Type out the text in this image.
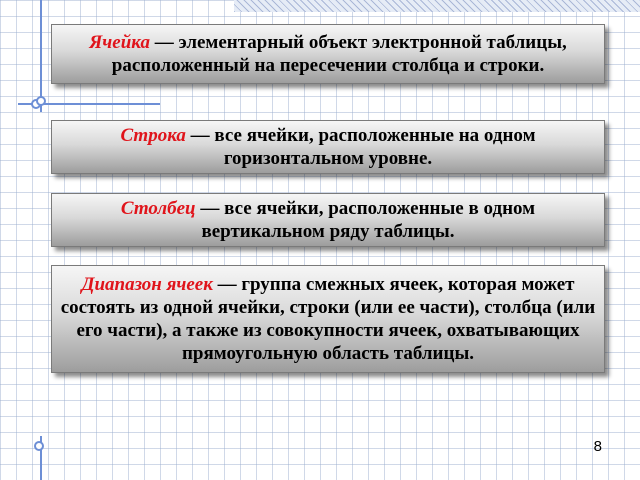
Ячейка — элементарный объект электронной таблицы, расположенный на пересечении столбца и строки.

Строка — все ячейки, расположенные на одном горизонтальном уровне.

Столбец — все ячейки, расположенные в одном вертикальном ряду таблицы.

Диапазон ячеек — группа смежных ячеек, которая может состоять из одной ячейки, строки (или ее части), столбца (или его части), а также из совокупности ячеек, охватывающих прямоугольную область таблицы.

8
